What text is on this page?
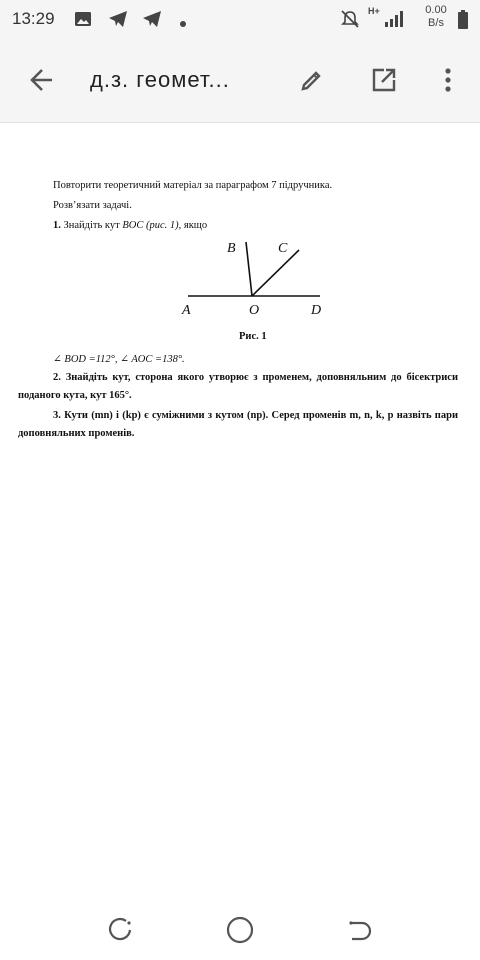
13:29	H+	0.00
B/s
д.з. геомет...
Повторити теоретичний матеріал за параграфом 7 підручника.
Розв’язати задачі.
1. Знайдіть кут BOC (рис. 1), якщо
B	C
A	O	D
Рис. 1
∠ BOD =112°, ∠ AOC =138°.
2. Знайдіть кут, сторона якого утворює з променем, доповняльним до бісектриси поданого кута, кут 165°.
3. Кути (mn) і (kp) є суміжними з кутом (np). Серед променів m, n, k, p назвіть пари доповняльних променів.
